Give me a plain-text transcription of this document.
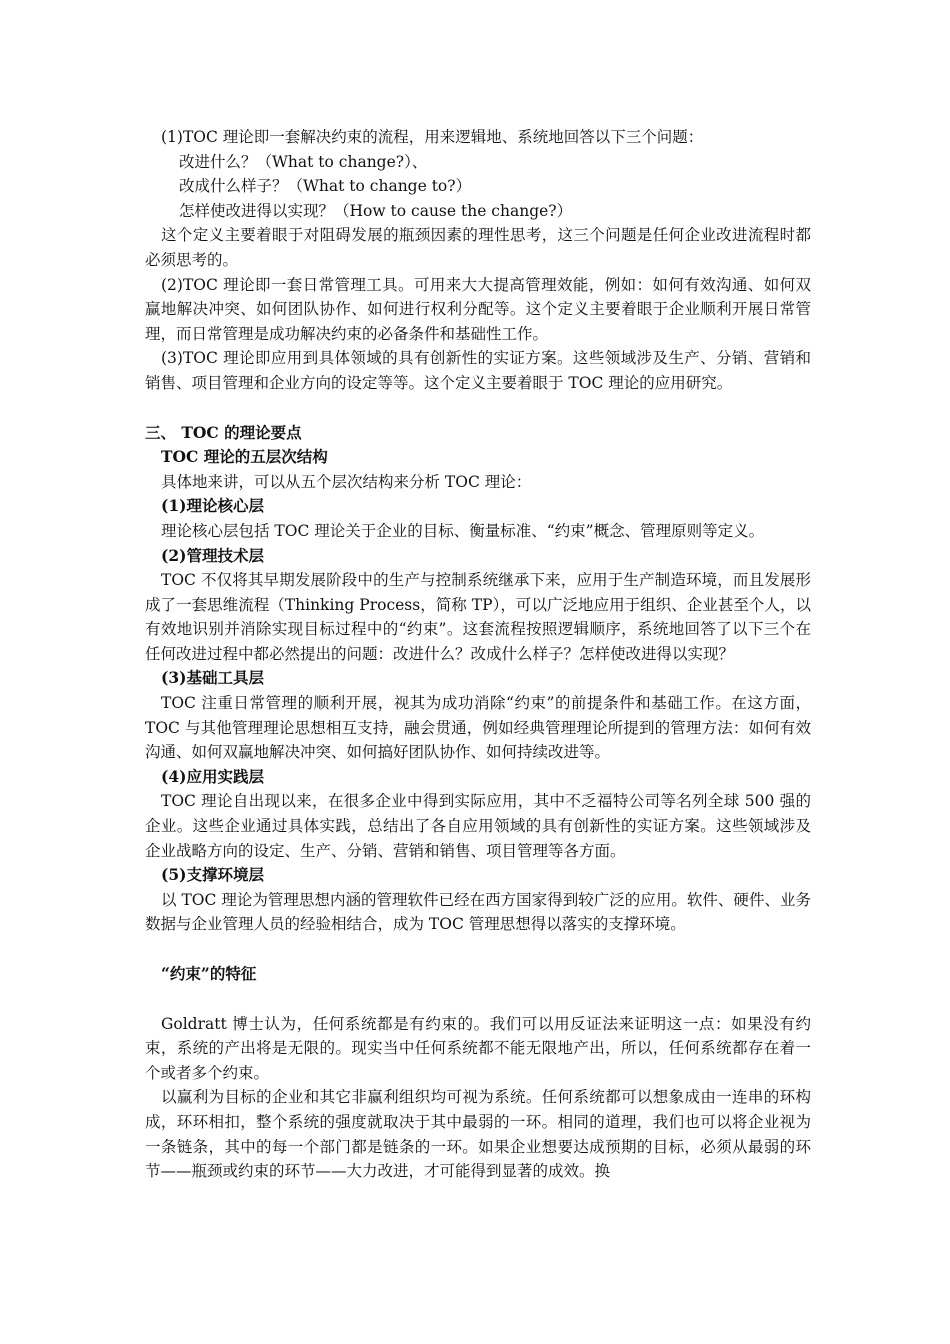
(1)TOC 理论即一套解决约束的流程，用来逻辑地、系统地回答以下三个问题：

改进什么？（What to change?）、

改成什么样子？（What to change to?）

怎样使改进得以实现？（How to cause the change?）

这个定义主要着眼于对阻碍发展的瓶颈因素的理性思考，这三个问题是任何企业改进流程时都必须思考的。

(2)TOC 理论即一套日常管理工具。可用来大大提高管理效能，例如：如何有效沟通、如何双赢地解决冲突、如何团队协作、如何进行权利分配等。这个定义主要着眼于企业顺利开展日常管理，而日常管理是成功解决约束的必备条件和基础性工作。

(3)TOC 理论即应用到具体领域的具有创新性的实证方案。这些领域涉及生产、分销、营销和销售、项目管理和企业方向的设定等等。这个定义主要着眼于 TOC 理论的应用研究。

三、 TOC 的理论要点

TOC 理论的五层次结构

具体地来讲，可以从五个层次结构来分析 TOC 理论：

(1)理论核心层

理论核心层包括 TOC 理论关于企业的目标、衡量标准、“约束”概念、管理原则等定义。

(2)管理技术层

TOC 不仅将其早期发展阶段中的生产与控制系统继承下来，应用于生产制造环境，而且发展形成了一套思维流程（Thinking Process，简称 TP），可以广泛地应用于组织、企业甚至个人，以有效地识别并消除实现目标过程中的“约束”。这套流程按照逻辑顺序，系统地回答了以下三个在任何改进过程中都必然提出的问题：改进什么？改成什么样子？怎样使改进得以实现？

(3)基础工具层

TOC 注重日常管理的顺利开展，视其为成功消除“约束”的前提条件和基础工作。在这方面，TOC 与其他管理理论思想相互支持，融会贯通，例如经典管理理论所提到的管理方法：如何有效沟通、如何双赢地解决冲突、如何搞好团队协作、如何持续改进等。

(4)应用实践层

TOC 理论自出现以来，在很多企业中得到实际应用，其中不乏福特公司等名列全球 500 强的企业。这些企业通过具体实践，总结出了各自应用领域的具有创新性的实证方案。这些领域涉及企业战略方向的设定、生产、分销、营销和销售、项目管理等各方面。

(5)支撑环境层

以 TOC 理论为管理思想内涵的管理软件已经在西方国家得到较广泛的应用。软件、硬件、业务数据与企业管理人员的经验相结合，成为 TOC 管理思想得以落实的支撑环境。

“约束”的特征

Goldratt 博士认为，任何系统都是有约束的。我们可以用反证法来证明这一点：如果没有约束，系统的产出将是无限的。现实当中任何系统都不能无限地产出，所以，任何系统都存在着一个或者多个约束。

以赢利为目标的企业和其它非赢利组织均可视为系统。任何系统都可以想象成由一连串的环构成，环环相扣，整个系统的强度就取决于其中最弱的一环。相同的道理，我们也可以将企业视为一条链条，其中的每一个部门都是链条的一环。如果企业想要达成预期的目标，必须从最弱的环节——瓶颈或约束的环节——大力改进，才可能得到显著的成效。换
